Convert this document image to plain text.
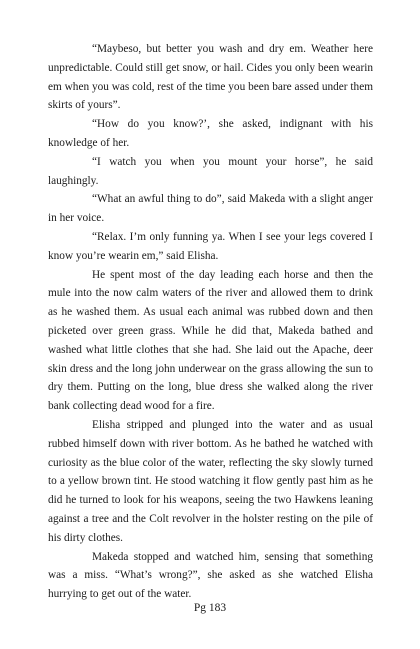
“Maybeso, but better you wash and dry em. Weather here unpredictable. Could still get snow, or hail. Cides you only been wearin em when you was cold, rest of the time you been bare assed under them skirts of yours”.

“How do you know?’, she asked, indignant with his knowledge of her.

“I watch you when you mount your horse”, he said laughingly.

“What an awful thing to do”, said Makeda with a slight anger in her voice.

“Relax. I’m only funning ya. When I see your legs covered I know you’re wearin em,” said Elisha.

He spent most of the day leading each horse and then the mule into the now calm waters of the river and allowed them to drink as he washed them. As usual each animal was rubbed down and then picketed over green grass. While he did that, Makeda bathed and washed what little clothes that she had. She laid out the Apache, deer skin dress and the long john underwear on the grass allowing the sun to dry them. Putting on the long, blue dress she walked along the river bank collecting dead wood for a fire.

Elisha stripped and plunged into the water and as usual rubbed himself down with river bottom. As he bathed he watched with curiosity as the blue color of the water, reflecting the sky slowly turned to a yellow brown tint. He stood watching it flow gently past him as he did he turned to look for his weapons, seeing the two Hawkens leaning against a tree and the Colt revolver in the holster resting on the pile of his dirty clothes.

Makeda stopped and watched him, sensing that something was a miss. “What’s wrong?”, she asked as she watched Elisha hurrying to get out of the water.

Pg 183
